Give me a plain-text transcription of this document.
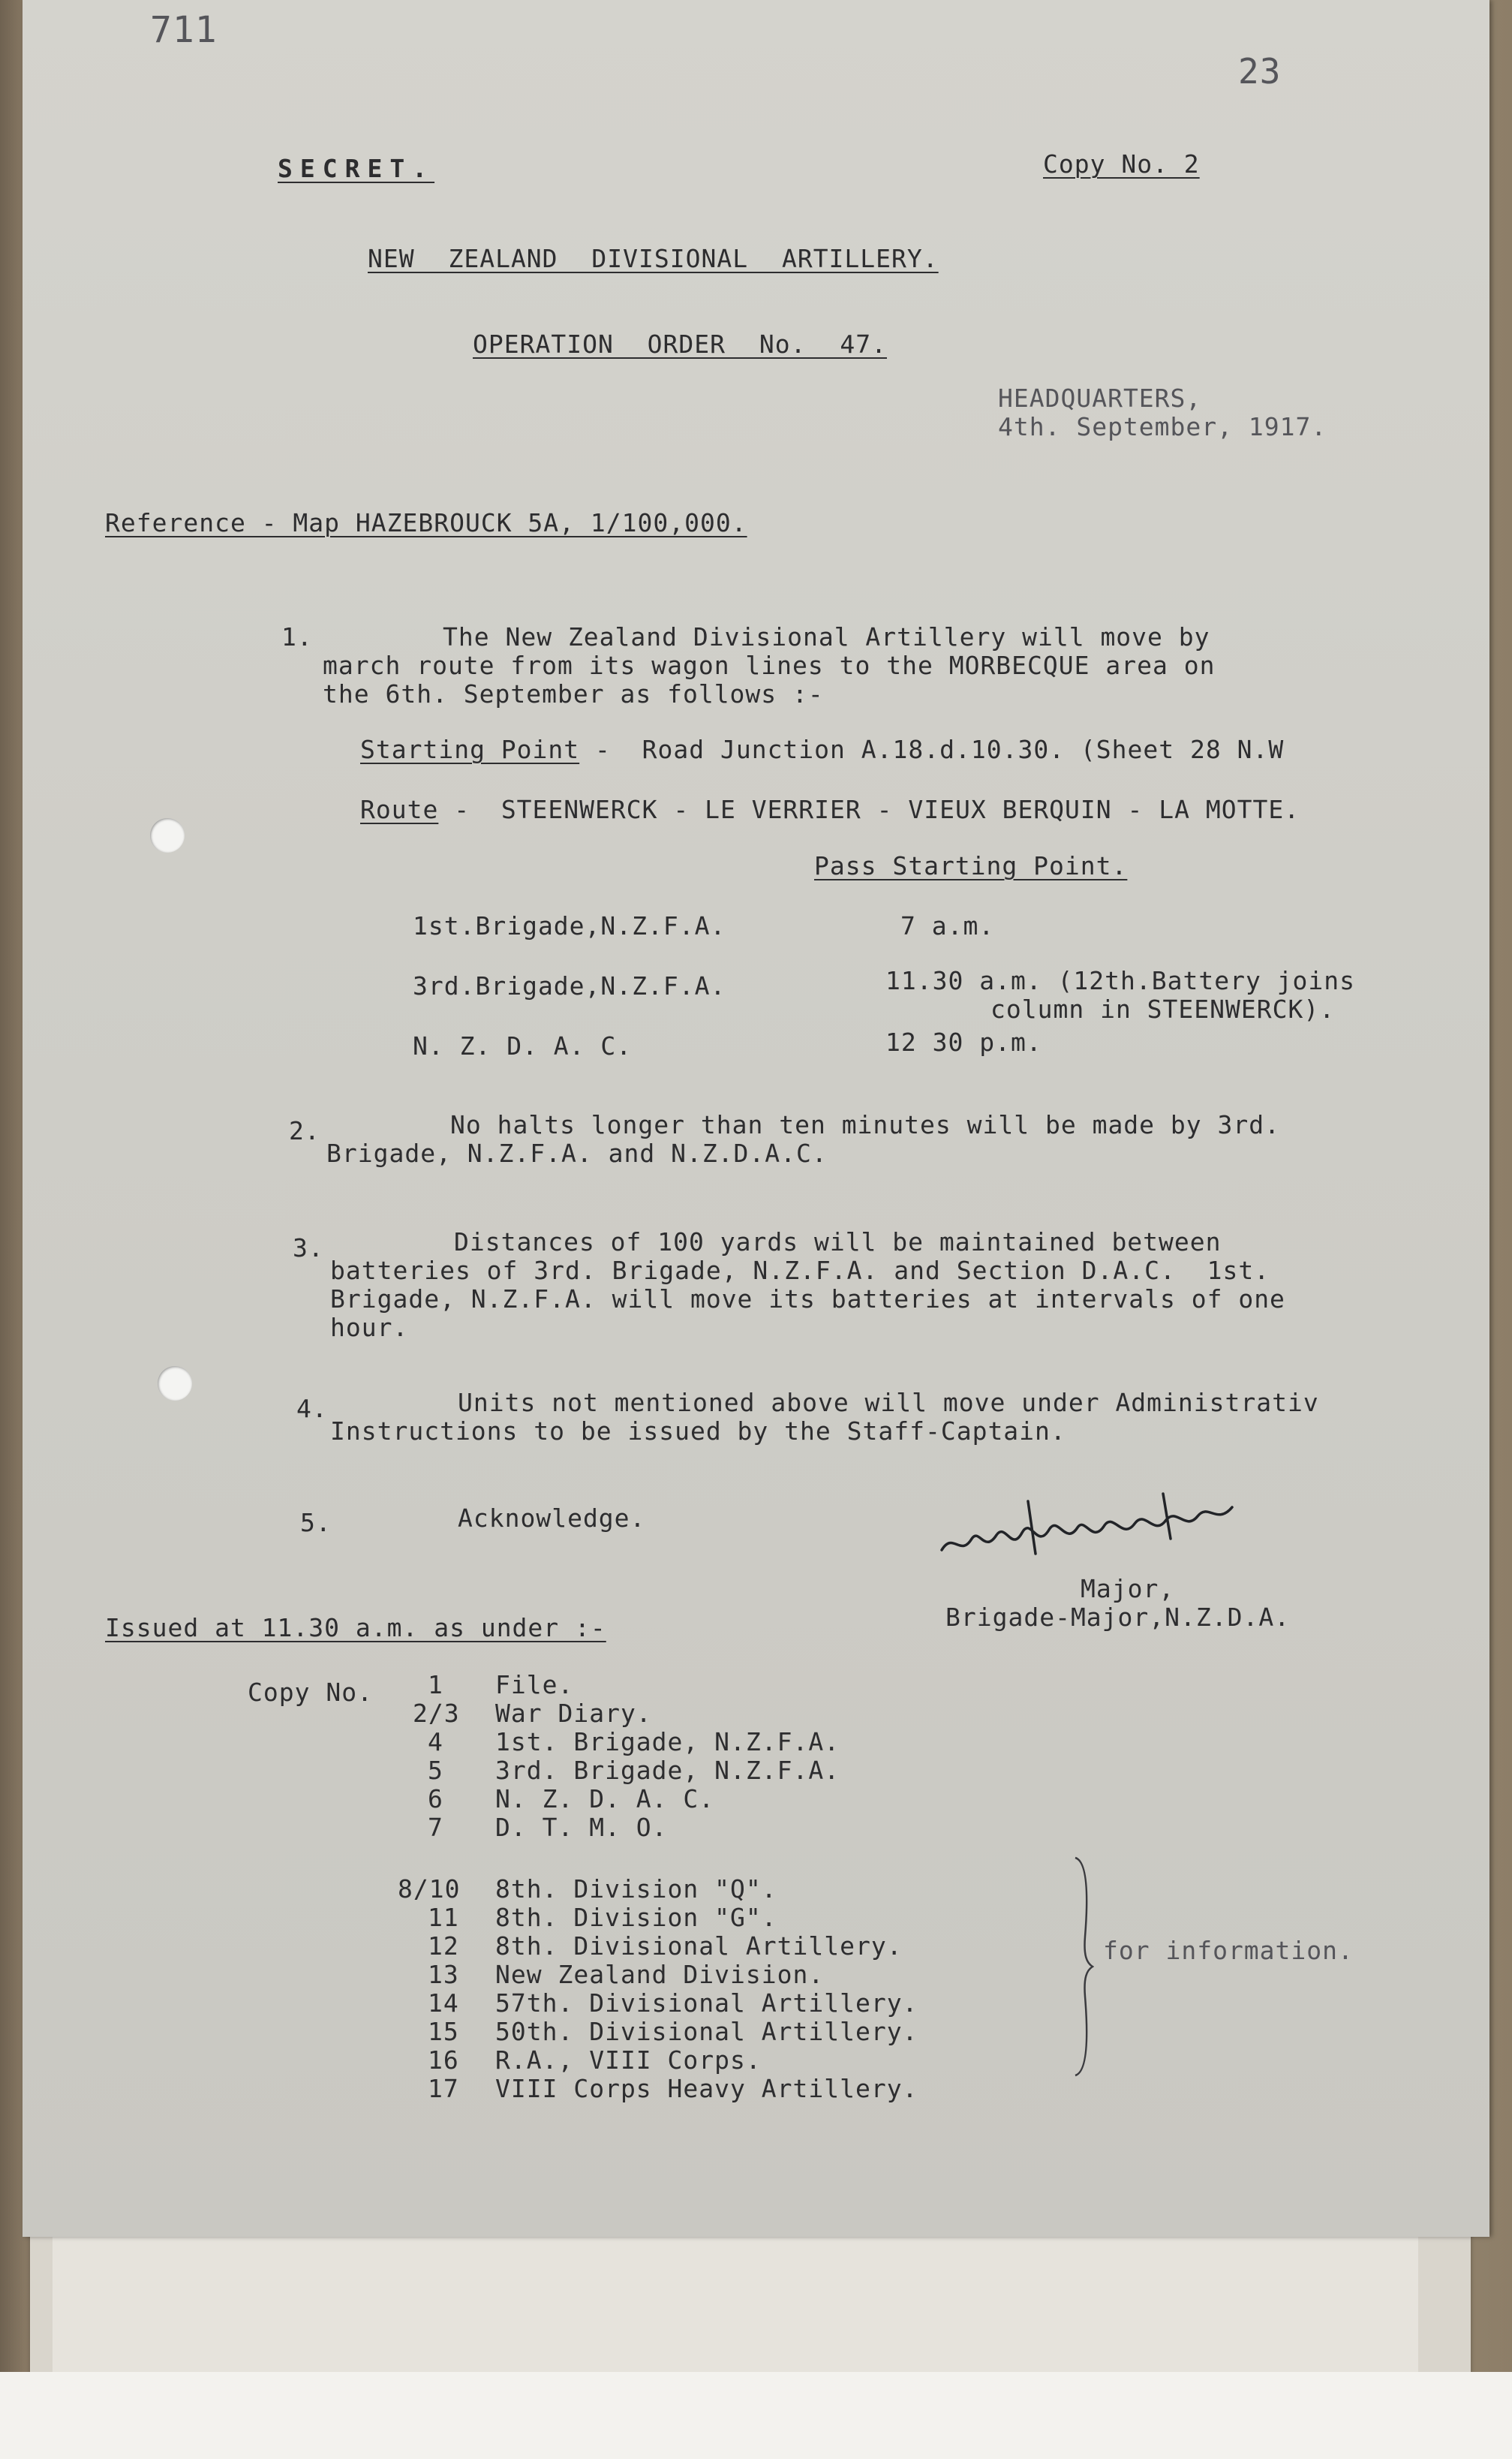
711
23
SECRET.	Copy No. 2
NEW ZEALAND DIVISIONAL ARTILLERY.
OPERATION ORDER No. 47.
HEADQUARTERS,
4th. September, 1917.
Reference - Map HAZEBROUCK 5A, 1/100,000.
1.	The New Zealand Divisional Artillery will move by
march route from its wagon lines to the MORBECQUE area on
the 6th. September as follows :-
Starting Point -  Road Junction A.18.d.10.30. (Sheet 28 N.W
Route -  STEENWERCK - LE VERRIER - VIEUX BERQUIN - LA MOTTE.
Pass Starting Point.
1st.Brigade,N.Z.F.A.	7 a.m.
3rd.Brigade,N.Z.F.A.	11.30 a.m. (12th.Battery joins
column in STEENWERCK).
N. Z. D. A. C.	12 30 p.m.
2.	No halts longer than ten minutes will be made by 3rd.
Brigade, N.Z.F.A. and N.Z.D.A.C.
3.	Distances of 100 yards will be maintained between
batteries of 3rd. Brigade, N.Z.F.A. and Section D.A.C.  1st.
Brigade, N.Z.F.A. will move its batteries at intervals of one
hour.
4.	Units not mentioned above will move under Administrativ
Instructions to be issued by the Staff-Captain.
5.	Acknowledge.
Major,
Brigade-Major,N.Z.D.A.
Issued at 11.30 a.m. as under :-
Copy No. 1 File.
2/3 War Diary.
4 1st. Brigade, N.Z.F.A.
5 3rd. Brigade, N.Z.F.A.
6 N. Z. D. A. C.
7 D. T. M. O.
8/10 8th. Division "Q".
11 8th. Division "G".
12 8th. Divisional Artillery.
13 New Zealand Division.
14 57th. Divisional Artillery.
15 50th. Divisional Artillery.
16 R.A., VIII Corps.
17 VIII Corps Heavy Artillery.
for information.
